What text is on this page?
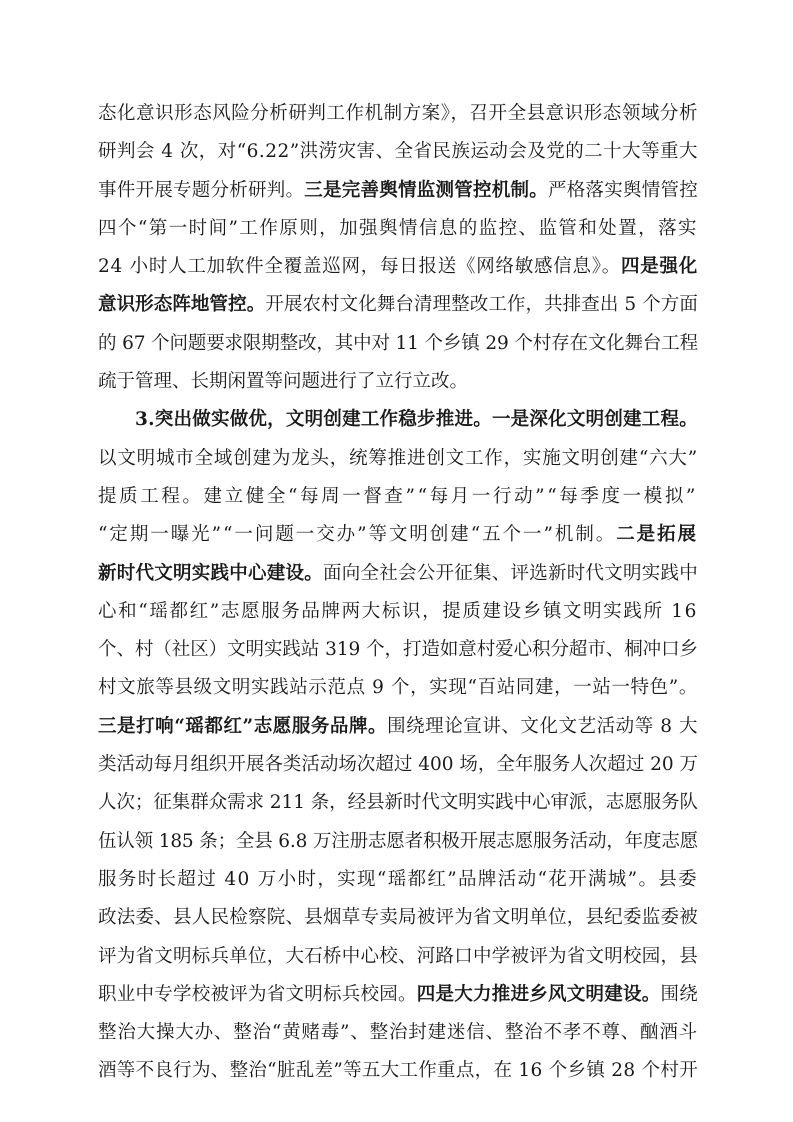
态化意识形态风险分析研判工作机制方案》，召开全县意识形态领域分析
研判会 4 次，对“6.22”洪涝灾害、全省民族运动会及党的二十大等重大
事件开展专题分析研判。 三是完善舆情监测管控机制。 严格落实舆情管控
四个“第一时间”工作原则，加强舆情信息的监控、监管和处置，落实
24 小时人工加软件全覆盖巡网，每日报送《网络敏感信息》。 四是强化
意识形态阵地管控。 开展农村文化舞台清理整改工作，共排查出 5 个方面
的 67 个问题要求限期整改，其中对 11 个乡镇 29 个村存在文化舞台工程
疏于管理、长期闲置等问题进行了立行立改。
3.突出做实做优，文明创建工作稳步推进。一是深化文明创建工程。
以文明城市全域创建为龙头，统筹推进创文工作，实施文明创建“六大”
提质工程。建立健全“每周一督查”“每月一行动”“每季度一模拟”
“定期一曝光”“一问题一交办”等文明创建“五个一”机制。 二是拓展
新时代文明实践中心建设。 面向全社会公开征集、评选新时代文明实践中
心和“瑶都红”志愿服务品牌两大标识，提质建设乡镇文明实践所 16
个、村（社区）文明实践站 319 个，打造如意村爱心积分超市、桐冲口乡
村文旅等县级文明实践站示范点 9 个，实现“百站同建，一站一特色”。
三是打响“瑶都红”志愿服务品牌。 围绕理论宣讲、文化文艺活动等 8 大
类活动每月组织开展各类活动场次超过 400 场，全年服务人次超过 20 万
人次；征集群众需求 211 条，经县新时代文明实践中心审派，志愿服务队
伍认领 185 条；全县 6.8 万注册志愿者积极开展志愿服务活动，年度志愿
服务时长超过 40 万小时，实现“瑶都红”品牌活动“花开满城”。县委
政法委、县人民检察院、县烟草专卖局被评为省文明单位，县纪委监委被
评为省文明标兵单位，大石桥中心校、河路口中学被评为省文明校园，县
职业中专学校被评为省文明标兵校园。 四是大力推进乡风文明建设。 围绕
整治大操大办、整治“黄赌毒”、整治封建迷信、整治不孝不尊、酗酒斗
酒等不良行为、整治“脏乱差”等五大工作重点，在 16 个乡镇 28 个村开
